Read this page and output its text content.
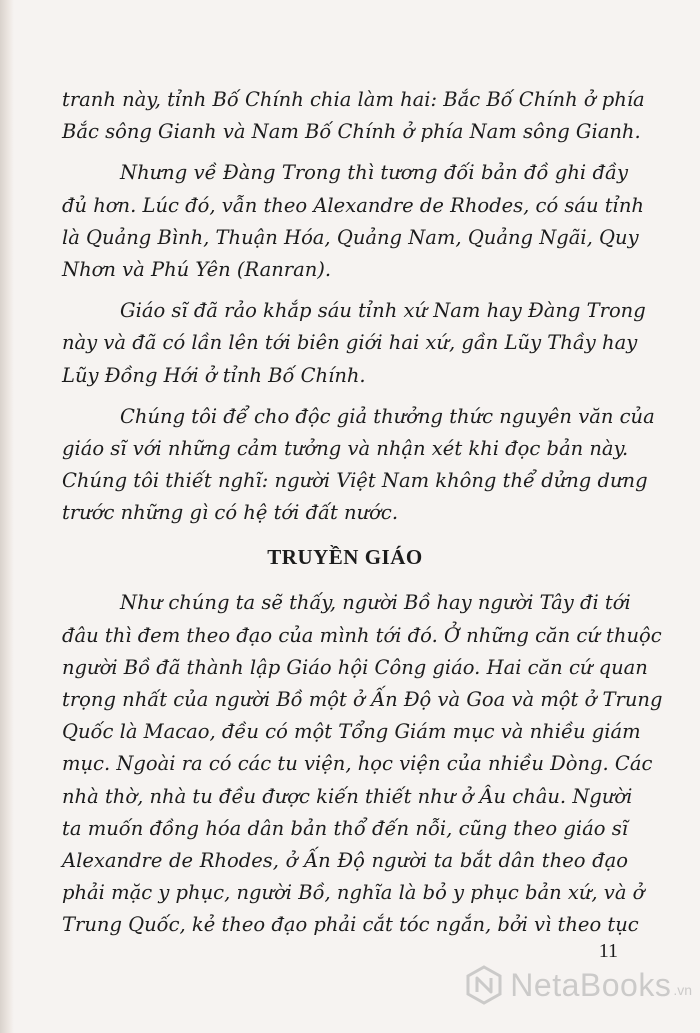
tranh này, tỉnh Bố Chính chia làm hai: Bắc Bố Chính ở phía
Bắc sông Gianh và Nam Bố Chính ở phía Nam sông Gianh.
Nhưng về Đàng Trong thì tương đối bản đồ ghi đầy
đủ hơn. Lúc đó, vẫn theo Alexandre de Rhodes, có sáu tỉnh
là Quảng Bình, Thuận Hóa, Quảng Nam, Quảng Ngãi, Quy
Nhơn và Phú Yên (Ranran).
Giáo sĩ đã rảo khắp sáu tỉnh xứ Nam hay Đàng Trong
này và đã có lần lên tới biên giới hai xứ, gần Lũy Thầy hay
Lũy Đồng Hới ở tỉnh Bố Chính.
Chúng tôi để cho độc giả thưởng thức nguyên văn của
giáo sĩ với những cảm tưởng và nhận xét khi đọc bản này.
Chúng tôi thiết nghĩ: người Việt Nam không thể dửng dưng
trước những gì có hệ tới đất nước.
TRUYỀN GIÁO
Như chúng ta sẽ thấy, người Bồ hay người Tây đi tới
đâu thì đem theo đạo của mình tới đó. Ở những căn cứ thuộc
người Bồ đã thành lập Giáo hội Công giáo. Hai căn cứ quan
trọng nhất của người Bồ một ở Ấn Độ và Goa và một ở Trung
Quốc là Macao, đều có một Tổng Giám mục và nhiều giám
mục. Ngoài ra có các tu viện, học viện của nhiều Dòng. Các
nhà thờ, nhà tu đều được kiến thiết như ở Âu châu. Người
ta muốn đồng hóa dân bản thổ đến nỗi, cũng theo giáo sĩ
Alexandre de Rhodes, ở Ấn Độ người ta bắt dân theo đạo
phải mặc y phục, người Bồ, nghĩa là bỏ y phục bản xứ, và ở
Trung Quốc, kẻ theo đạo phải cắt tóc ngắn, bởi vì theo tục
11
NetaBooks .vn
